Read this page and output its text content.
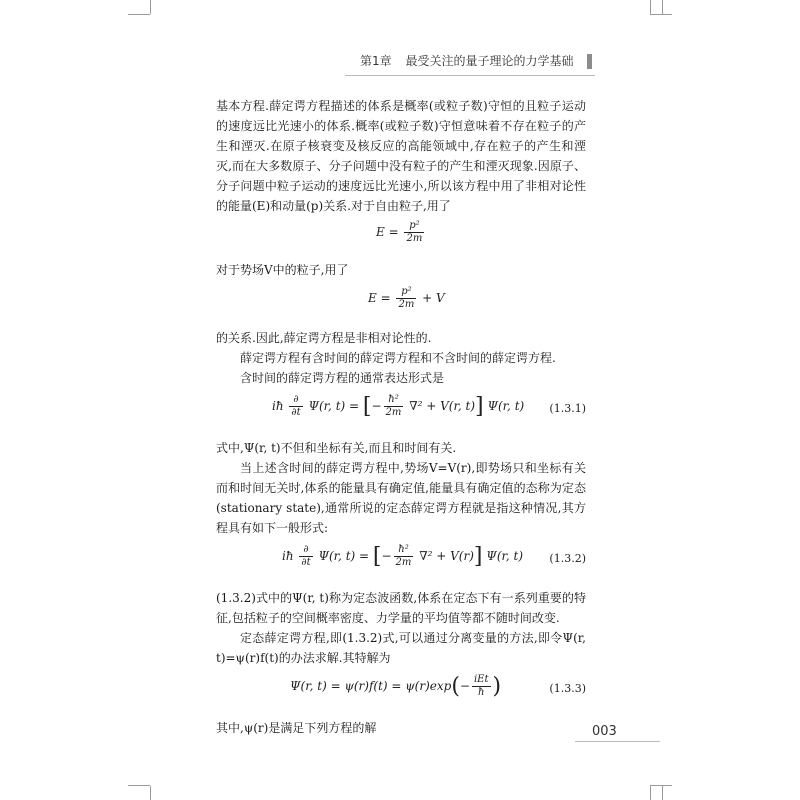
第1章 最受关注的量子理论的力学基础

基本方程.薛定谔方程描述的体系是概率(或粒子数)守恒的且粒子运动的速度远比光速小的体系.概率(或粒子数)守恒意味着不存在粒子的产生和湮灭.在原子核衰变及核反应的高能领域中,存在粒子的产生和湮灭,而在大多数原子、分子问题中没有粒子的产生和湮灭现象.因原子、分子问题中粒子运动的速度远比光速小,所以该方程中用了非相对论性的能量(E)和动量(p)关系.对于自由粒子,用了

$E = \frac{\text{p²}}{2m}$

对于势场V中的粒子,用了

$E = \frac{\text{p²}}{2m} + V$

的关系.因此,薛定谔方程是非相对论性的.

薛定谔方程有含时间的薛定谔方程和不含时间的薛定谔方程.

含时间的薛定谔方程的通常表达形式是

iħ $\frac{\partial}{\partial t} \Psi(r$, t) = [− $\frac{\text{ħ²}}{2m} \nabla^2 + V(r$, t)] Ψ(r, t) (1.3.1)

式中,Ψ(r, t)不但和坐标有关,而且和时间有关.

当上述含时间的薛定谔方程中,势场V=V(r),即势场只和坐标有关而和时间无关时,体系的能量具有确定值,能量具有确定值的态称为定态(stationary state),通常所说的定态薛定谔方程就是指这种情况,其方程具有如下一般形式:

iħ $\frac{\partial}{\partial t} \Psi(r$, t) = [− $\frac{\text{ħ²}}{2m} \nabla^2 + V(r)$] Ψ(r, t) (1.3.2)

(1.3.2)式中的Ψ(r, t)称为定态波函数,体系在定态下有一系列重要的特征,包括粒子的空间概率密度、力学量的平均值等都不随时间改变.

定态薛定谔方程,即(1.3.2)式,可以通过分离变量的方法,即令Ψ(r, t)=ψ(r)f(t)的办法求解.其特解为

Ψ(r, $t) = \psi(r)f(t) = \psi(r)\exp(- \frac{\text{iEt}}{ħ}$ )	(1.3.3)

其中,ψ(r)是满足下列方程的解	003
